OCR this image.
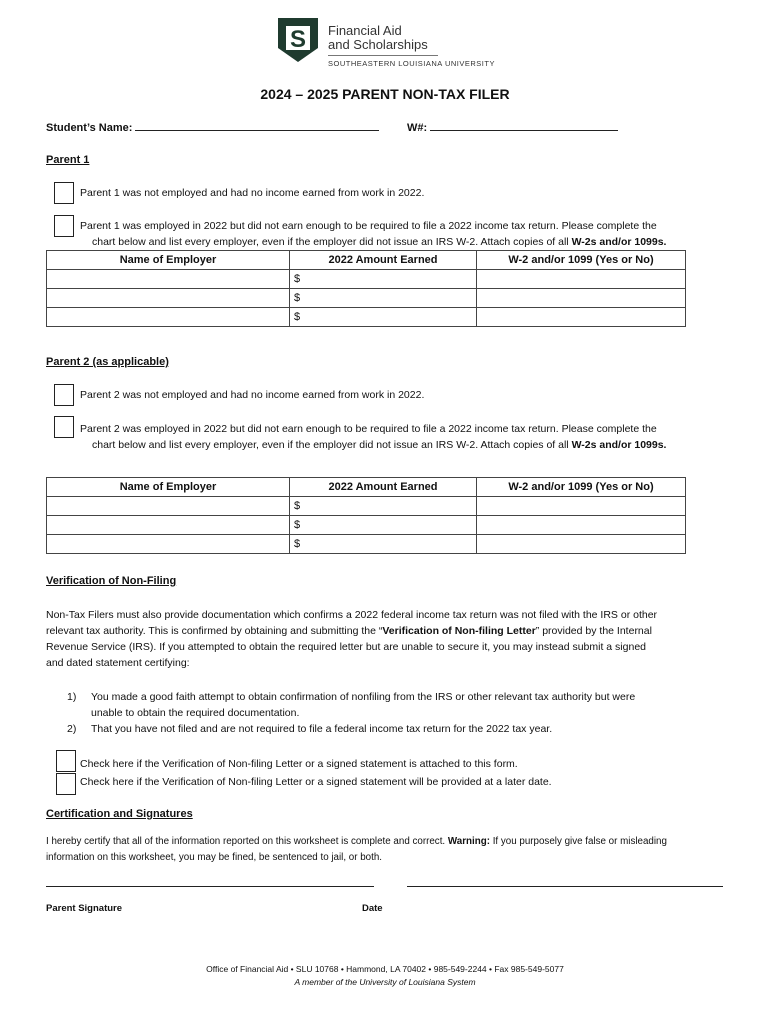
S Financial Aid
and Scholarships
SOUTHEASTERN LOUISIANA UNIVERSITY
2024 – 2025 PARENT NON-TAX FILER
Student’s Name:	W#:
Parent 1
Parent 1 was not employed and had no income earned from work in 2022.
Parent 1 was employed in 2022 but did not earn enough to be required to file a 2022 income tax return. Please complete the
chart below and list every employer, even if the employer did not issue an IRS W-2. Attach copies of all W-2s and/or 1099s.
Name of Employer	2022 Amount Earned	W-2 and/or 1099 (Yes or No)
	$	
	$	
	$	
Parent 2 (as applicable)
Parent 2 was not employed and had no income earned from work in 2022.
Parent 2 was employed in 2022 but did not earn enough to be required to file a 2022 income tax return. Please complete the
chart below and list every employer, even if the employer did not issue an IRS W-2. Attach copies of all W-2s and/or 1099s.
Name of Employer	2022 Amount Earned	W-2 and/or 1099 (Yes or No)
	$	
	$	
	$	
Verification of Non-Filing
Non-Tax Filers must also provide documentation which confirms a 2022 federal income tax return was not filed with the IRS or other
relevant tax authority. This is confirmed by obtaining and submitting the “Verification of Non-filing Letter” provided by the Internal
Revenue Service (IRS). If you attempted to obtain the required letter but are unable to secure it, you may instead submit a signed
and dated statement certifying:
1)	You made a good faith attempt to obtain confirmation of nonfiling from the IRS or other relevant tax authority but were
unable to obtain the required documentation.
2)	That you have not filed and are not required to file a federal income tax return for the 2022 tax year.
Check here if the Verification of Non-filing Letter or a signed statement is attached to this form.
Check here if the Verification of Non-filing Letter or a signed statement will be provided at a later date.
Certification and Signatures
I hereby certify that all of the information reported on this worksheet is complete and correct. Warning: If you purposely give false or misleading
information on this worksheet, you may be fined, be sentenced to jail, or both.
Parent Signature	Date
Office of Financial Aid • SLU 10768 • Hammond, LA 70402 • 985-549-2244 • Fax 985-549-5077
A member of the University of Louisiana System
